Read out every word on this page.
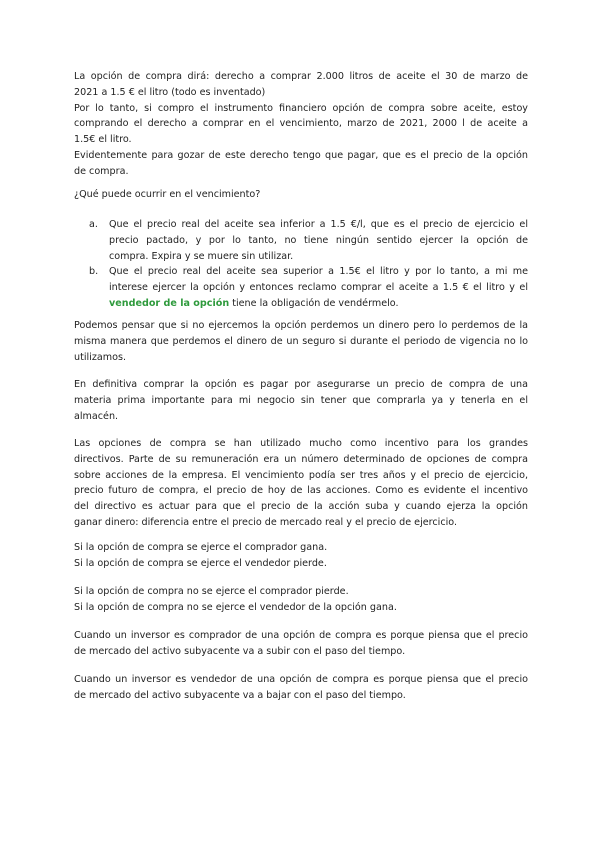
La opción de compra dirá: derecho a comprar 2.000 litros de aceite el 30 de marzo de
2021 a 1.5 € el litro (todo es inventado)
Por lo tanto, si compro el instrumento financiero opción de compra sobre aceite, estoy
comprando el derecho a comprar en el vencimiento, marzo de 2021, 2000 l de aceite a
1.5€ el litro.
Evidentemente para gozar de este derecho tengo que pagar, que es el precio de la opción
de compra.

¿Qué puede ocurrir en el vencimiento?

a. Que el precio real del aceite sea inferior a 1.5 €/l, que es el precio de ejercicio el
precio pactado, y por lo tanto, no tiene ningún sentido ejercer la opción de
compra. Expira y se muere sin utilizar.
b. Que el precio real del aceite sea superior a 1.5€ el litro y por lo tanto, a mi me
interese ejercer la opción y entonces reclamo comprar el aceite a 1.5 € el litro y el
vendedor de la opción tiene la obligación de vendérmelo.

Podemos pensar que si no ejercemos la opción perdemos un dinero pero lo perdemos de la
misma manera que perdemos el dinero de un seguro si durante el periodo de vigencia no lo
utilizamos.

En definitiva comprar la opción es pagar por asegurarse un precio de compra de una
materia prima importante para mi negocio sin tener que comprarla ya y tenerla en el
almacén.

Las opciones de compra se han utilizado mucho como incentivo para los grandes
directivos. Parte de su remuneración era un número determinado de opciones de compra
sobre acciones de la empresa. El vencimiento podía ser tres años y el precio de ejercicio,
precio futuro de compra, el precio de hoy de las acciones. Como es evidente el incentivo
del directivo es actuar para que el precio de la acción suba y cuando ejerza la opción
ganar dinero: diferencia entre el precio de mercado real y el precio de ejercicio.

Si la opción de compra se ejerce el comprador gana.
Si la opción de compra se ejerce el vendedor pierde.

Si la opción de compra no se ejerce el comprador pierde.
Si la opción de compra no se ejerce el vendedor de la opción gana.

Cuando un inversor es comprador de una opción de compra es porque piensa que el precio
de mercado del activo subyacente va a subir con el paso del tiempo.

Cuando un inversor es vendedor de una opción de compra es porque piensa que el precio
de mercado del activo subyacente va a bajar con el paso del tiempo.
